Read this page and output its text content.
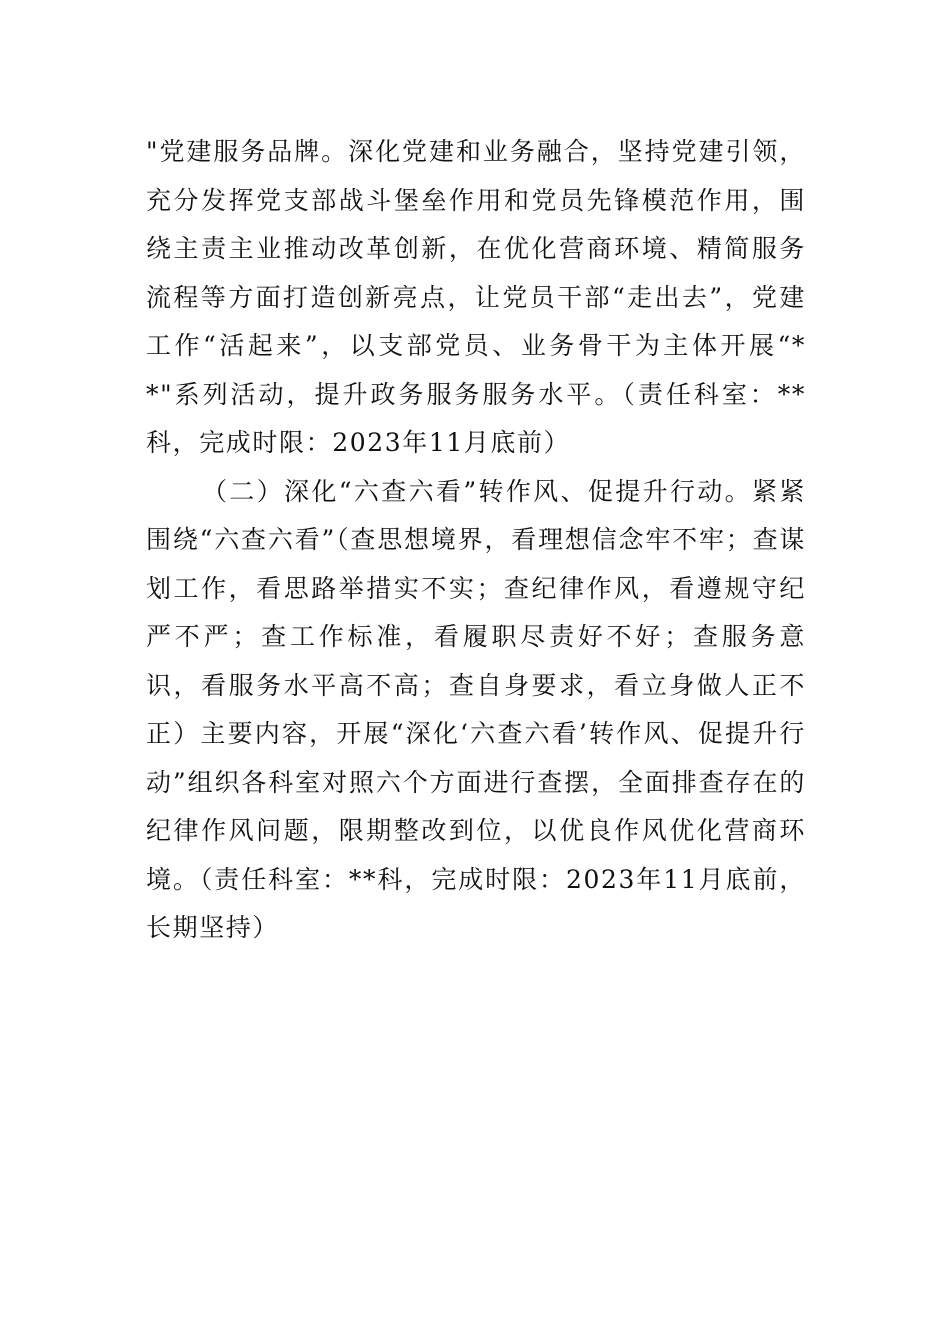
"党建服务品牌。深化党建和业务融合，坚持党建引领，充分发挥党支部战斗堡垒作用和党员先锋模范作用，围绕主责主业推动改革创新，在优化营商环境、精简服务流程等方面打造创新亮点，让党员干部“走出去”，党建工作“活起来”，以支部党员、业务骨干为主体开展“**"系列活动，提升政务服务服务水平。（责任科室：**科，完成时限：2023年11月底前）

（二）深化“六查六看”转作风、促提升行动。紧紧围绕“六查六看”（查思想境界，看理想信念牢不牢；查谋划工作，看思路举措实不实；查纪律作风，看遵规守纪严不严；查工作标准，看履职尽责好不好；查服务意识，看服务水平高不高；查自身要求，看立身做人正不正）主要内容，开展“深化‘六查六看’转作风、促提升行动”组织各科室对照六个方面进行查摆，全面排查存在的纪律作风问题，限期整改到位，以优良作风优化营商环境。（责任科室：**科，完成时限：2023年11月底前，长期坚持）
